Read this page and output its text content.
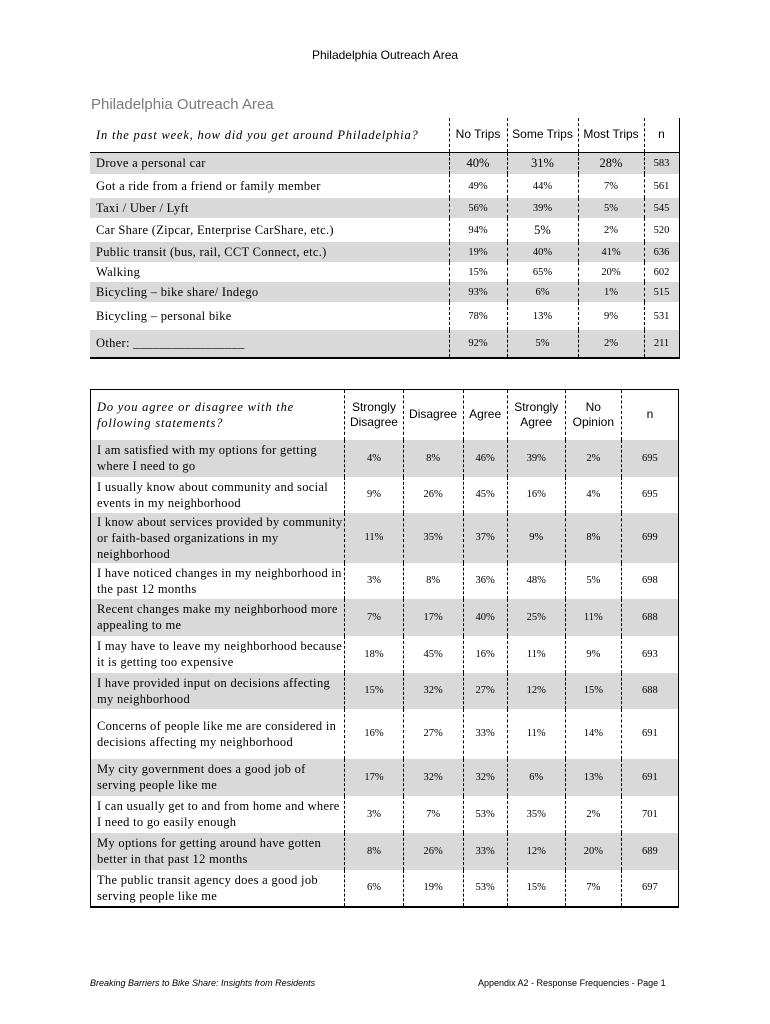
Philadelphia Outreach Area
Philadelphia Outreach Area
In the past week, how did you get around Philadelphia?	No Trips	Some Trips	Most Trips	n
Drove a personal car	40%	31%	28%	583
Got a ride from a friend or family member	49%	44%	7%	561
Taxi / Uber / Lyft	56%	39%	5%	545
Car Share (Zipcar, Enterprise CarShare, etc.)	94%	5%	2%	520
Public transit (bus, rail, CCT Connect, etc.)	19%	40%	41%	636
Walking	15%	65%	20%	602
Bicycling – bike share/ Indego	93%	6%	1%	515
Bicycling – personal bike	78%	13%	9%	531
Other: _________________	92%	5%	2%	211
Do you agree or disagree with the following statements?	Strongly Disagree	Disagree	Agree	Strongly Agree	No Opinion	n
I am satisfied with my options for getting where I need to go	4%	8%	46%	39%	2%	695
I usually know about community and social events in my neighborhood	9%	26%	45%	16%	4%	695
I know about services provided by community or faith-based organizations in my neighborhood	11%	35%	37%	9%	8%	699
I have noticed changes in my neighborhood in the past 12 months	3%	8%	36%	48%	5%	698
Recent changes make my neighborhood more appealing to me	7%	17%	40%	25%	11%	688
I may have to leave my neighborhood because it is getting too expensive	18%	45%	16%	11%	9%	693
I have provided input on decisions affecting my neighborhood	15%	32%	27%	12%	15%	688
Concerns of people like me are considered in decisions affecting my neighborhood	16%	27%	33%	11%	14%	691
My city government does a good job of serving people like me	17%	32%	32%	6%	13%	691
I can usually get to and from home and where I need to go easily enough	3%	7%	53%	35%	2%	701
My options for getting around have gotten better in that past 12 months	8%	26%	33%	12%	20%	689
The public transit agency does a good job serving people like me	6%	19%	53%	15%	7%	697
Breaking Barriers to Bike Share: Insights from Residents	Appendix A2 - Response Frequencies - Page 1
